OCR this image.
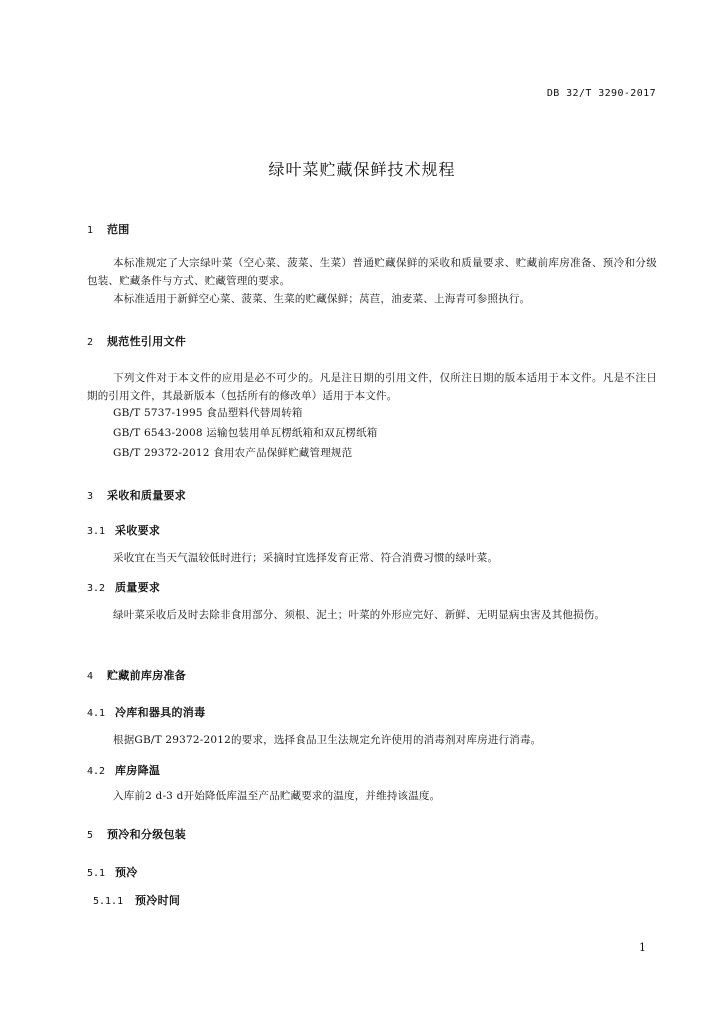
DB 32/T 3290-2017
绿叶菜贮藏保鲜技术规程
1 范围
本标准规定了大宗绿叶菜（空心菜、菠菜、生菜）普通贮藏保鲜的采收和质量要求、贮藏前库房准备、预冷和分级包装、贮藏条件与方式、贮藏管理的要求。
本标准适用于新鲜空心菜、菠菜、生菜的贮藏保鲜；莴苣，油麦菜、上海青可参照执行。
2 规范性引用文件
下列文件对于本文件的应用是必不可少的。凡是注日期的引用文件，仅所注日期的版本适用于本文件。凡是不注日期的引用文件，其最新版本（包括所有的修改单）适用于本文件。
GB/T 5737-1995 食品塑料代替周转箱
GB/T 6543-2008 运输包装用单瓦楞纸箱和双瓦楞纸箱
GB/T 29372-2012 食用农产品保鲜贮藏管理规范
3 采收和质量要求
3.1 采收要求
采收宜在当天气温较低时进行；采摘时宜选择发育正常、符合消费习惯的绿叶菜。
3.2 质量要求
绿叶菜采收后及时去除非食用部分、须根、泥土；叶菜的外形应完好、新鲜、无明显病虫害及其他损伤。
4 贮藏前库房准备
4.1 冷库和器具的消毒
根据GB/T 29372-2012的要求，选择食品卫生法规定允许使用的消毒剂对库房进行消毒。
4.2 库房降温
入库前2 d-3 d开始降低库温至产品贮藏要求的温度，并维持该温度。
5 预冷和分级包装
5.1 预冷
5.1.1 预冷时间
1
